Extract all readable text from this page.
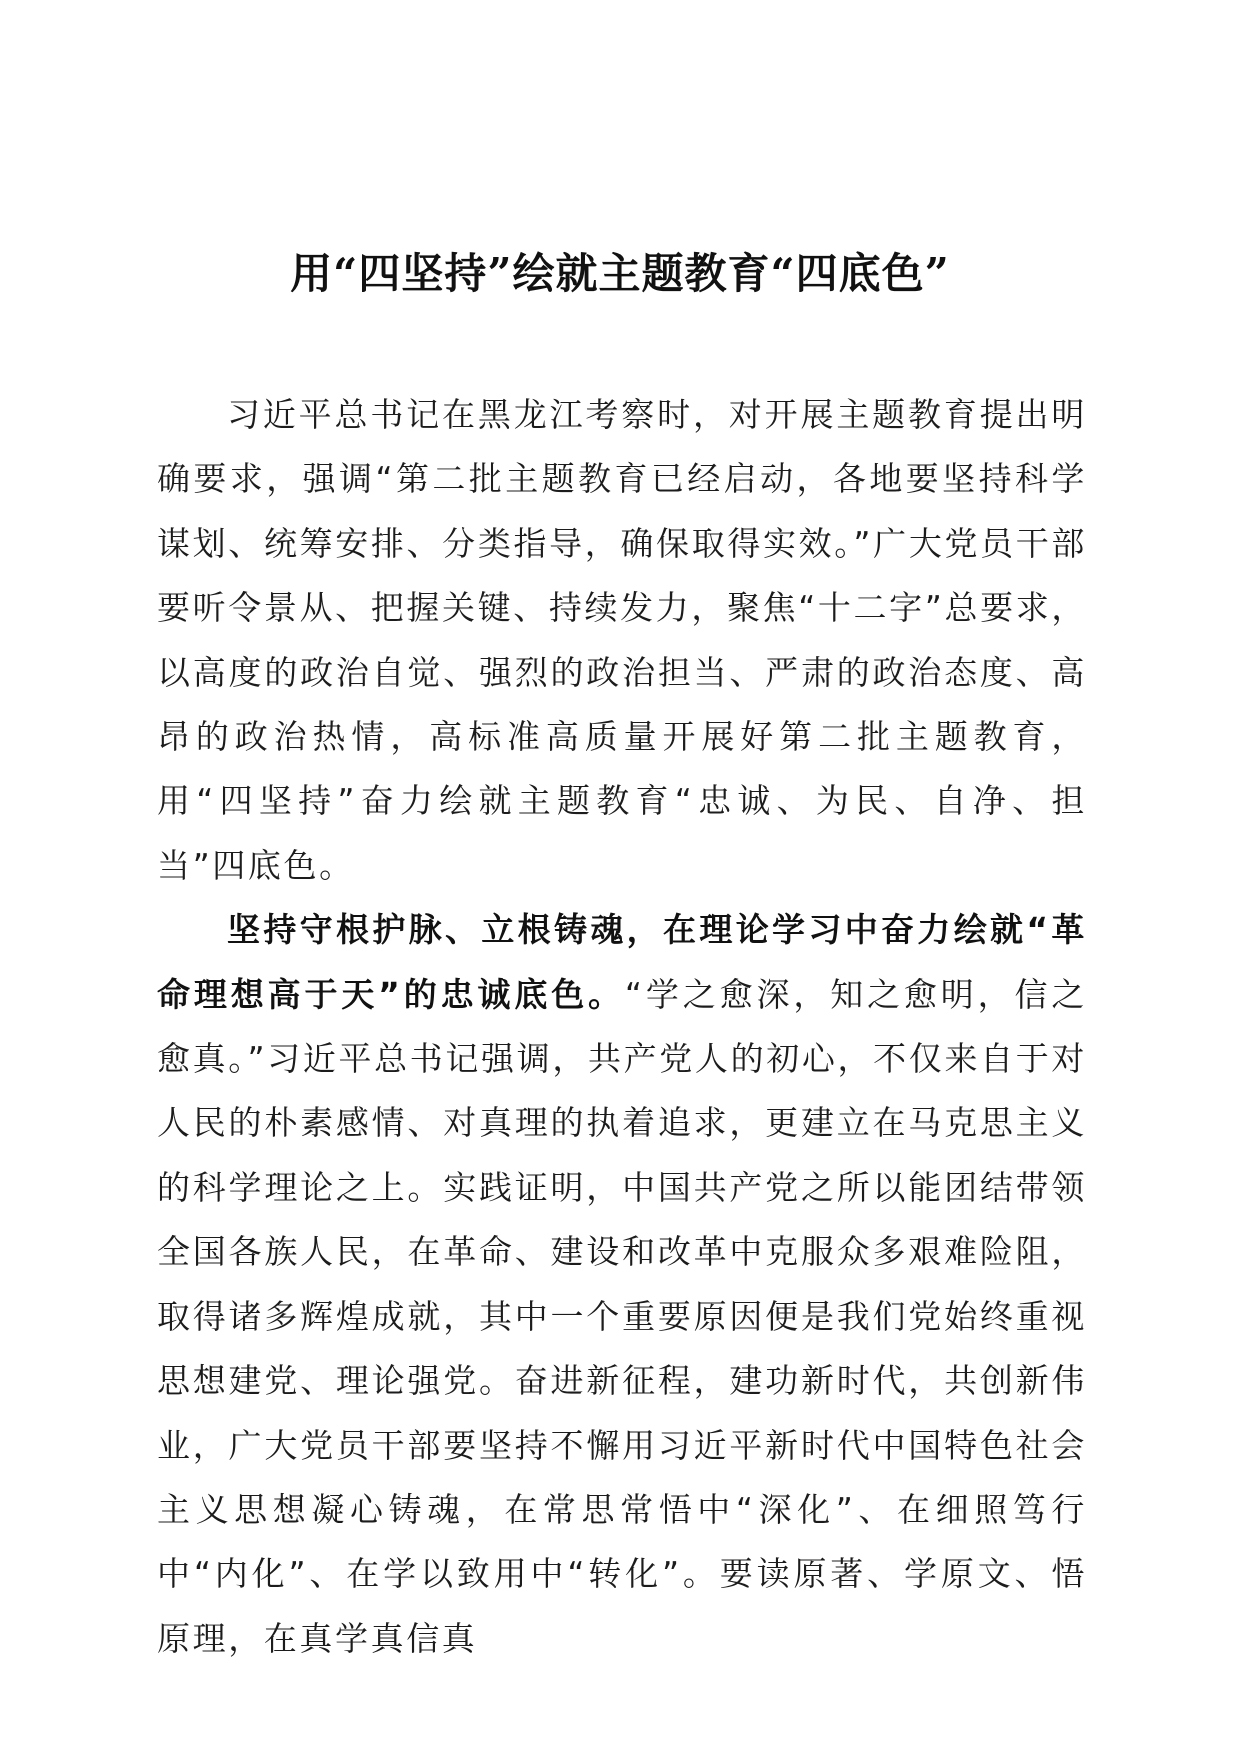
用“四坚持”绘就主题教育“四底色”

习近平总书记在黑龙江考察时，对开展主题教育提出明确要求，强调“第二批主题教育已经启动，各地要坚持科学谋划、统筹安排、分类指导，确保取得实效。”广大党员干部要听令景从、把握关键、持续发力，聚焦“十二字”总要求，以高度的政治自觉、强烈的政治担当、严肃的政治态度、高昂的政治热情，高标准高质量开展好第二批主题教育，用“四坚持”奋力绘就主题教育“忠诚、为民、自净、担当”四底色。

坚持守根护脉、立根铸魂，在理论学习中奋力绘就“革命理想高于天”的忠诚底色。“学之愈深，知之愈明，信之愈真。”习近平总书记强调，共产党人的初心，不仅来自于对人民的朴素感情、对真理的执着追求，更建立在马克思主义的科学理论之上。实践证明，中国共产党之所以能团结带领全国各族人民，在革命、建设和改革中克服众多艰难险阻，取得诸多辉煌成就，其中一个重要原因便是我们党始终重视思想建党、理论强党。奋进新征程，建功新时代，共创新伟业，广大党员干部要坚持不懈用习近平新时代中国特色社会主义思想凝心铸魂，在常思常悟中“深化”、在细照笃行中“内化”、在学以致用中“转化”。要读原著、学原文、悟原理，在真学真信真
